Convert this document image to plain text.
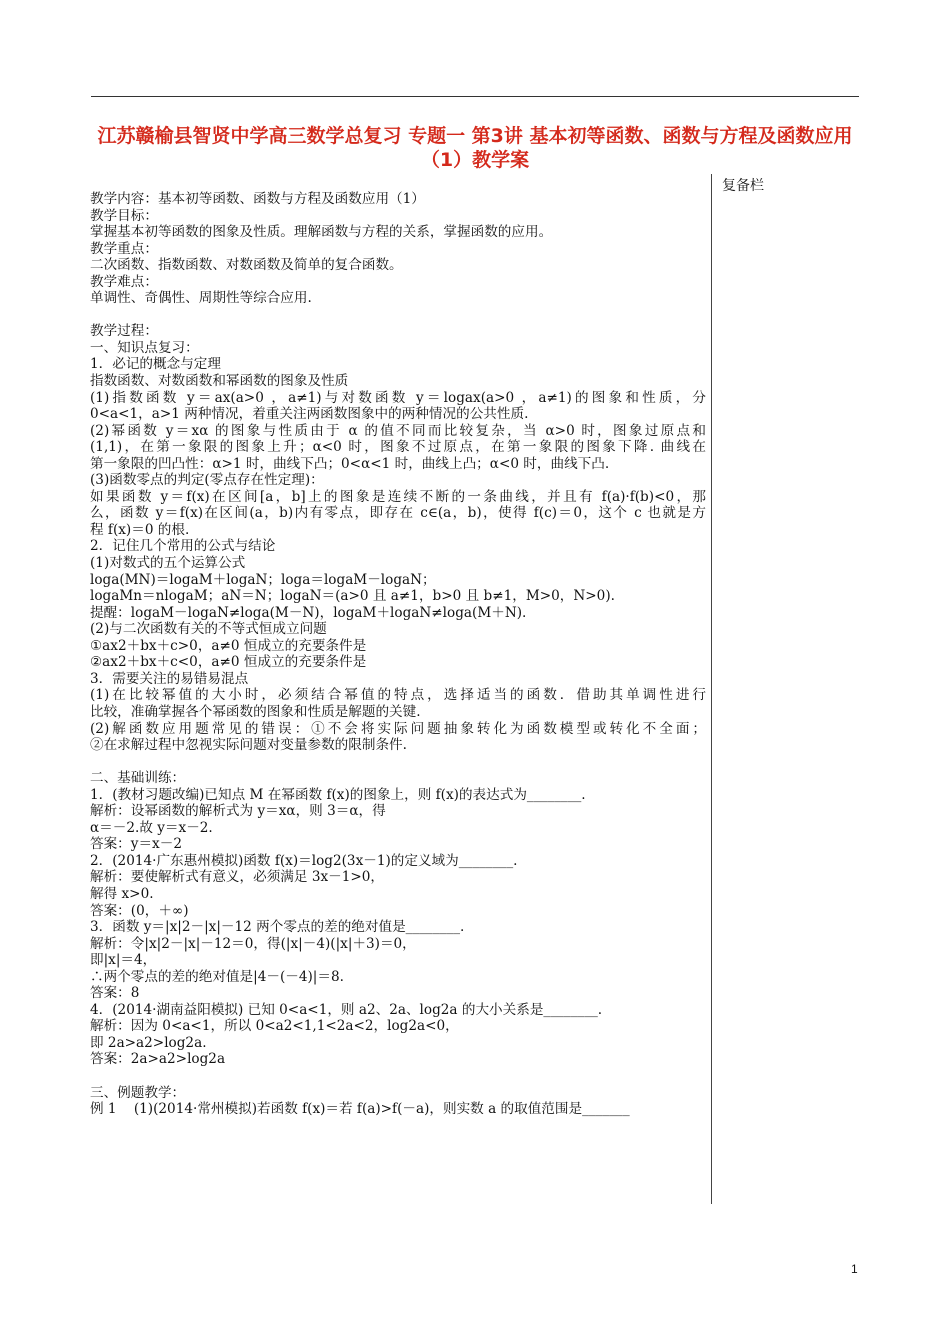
江苏赣榆县智贤中学高三数学总复习 专题一 第3讲 基本初等函数、函数与方程及函数应用（1）教学案
复备栏
教学内容：基本初等函数、函数与方程及函数应用（1）
教学目标：
掌握基本初等函数的图象及性质。理解函数与方程的关系，掌握函数的应用。
教学重点：
二次函数、指数函数、对数函数及简单的复合函数。
教学难点：
单调性、奇偶性、周期性等综合应用.
教学过程：
一、知识点复习：
1．必记的概念与定理
指数函数、对数函数和幂函数的图象及性质
(1)指数函数 y＝ax(a>0 ，a≠1)与对数函数 y＝logax(a>0 ，a≠1)的图象和性质，分
0<a<1，a>1 两种情况，着重关注两函数图象中的两种情况的公共性质.
(2)幂函数 y＝xα 的图象与性质由于 α 的值不同而比较复杂，当 α>0 时，图象过原点和
(1,1)，在第一象限的图象上升；α<0 时，图象不过原点，在第一象限的图象下降. 曲线在
第一象限的凹凸性：α>1 时，曲线下凸；0<α<1 时，曲线上凸；α<0 时，曲线下凸.
(3)函数零点的判定(零点存在性定理)：
如果函数 y＝f(x)在区间[a，b]上的图象是连续不断的一条曲线，并且有 f(a)·f(b)<0，那
么，函数 y＝f(x)在区间(a，b)内有零点，即存在 c∈(a，b)，使得 f(c)＝0，这个 c 也就是方
程 f(x)＝0 的根.
2．记住几个常用的公式与结论
(1)对数式的五个运算公式
loga(MN)＝logaM＋logaN；loga＝logaM－logaN；
logaMn＝nlogaM；aN＝N；logaN＝(a>0 且 a≠1，b>0 且 b≠1，M>0，N>0).
提醒：logaM－logaN≠loga(M－N)，logaM＋logaN≠loga(M＋N).
(2)与二次函数有关的不等式恒成立问题
①ax2＋bx＋c>0，a≠0 恒成立的充要条件是
②ax2＋bx＋c<0，a≠0 恒成立的充要条件是
3．需要关注的易错易混点
(1)在比较幂值的大小时，必须结合幂值的特点，选择适当的函数．借助其单调性进行
比较，准确掌握各个幂函数的图象和性质是解题的关键.
(2)解函数应用题常见的错误：①不会将实际问题抽象转化为函数模型或转化不全面；
②在求解过程中忽视实际问题对变量参数的限制条件.
二、基础训练：
1．(教材习题改编)已知点 M 在幂函数 f(x)的图象上，则 f(x)的表达式为________.
解析：设幂函数的解析式为 y＝xα，则 3＝α，得
α＝－2.故 y＝x－2.
答案：y＝x－2
2．(2014·广东惠州模拟)函数 f(x)＝log2(3x－1)的定义域为________.
解析：要使解析式有意义，必须满足 3x－1>0，
解得 x>0.
答案：(0，＋∞)
3．函数 y＝|x|2－|x|－12 两个零点的差的绝对值是________.
解析：令|x|2－|x|－12＝0，得(|x|－4)(|x|＋3)＝0，
即|x|＝4，
∴两个零点的差的绝对值是|4－(－4)|＝8.
答案：8
4．(2014·湖南益阳模拟) 已知 0<a<1，则 a2、2a、log2a 的大小关系是________.
解析：因为 0<a<1，所以 0<a2<1,1<2a<2，log2a<0，
即 2a>a2>log2a.
答案：2a>a2>log2a
三、例题教学：
例 1    (1)(2014·常州模拟)若函数 f(x)＝若 f(a)>f(－a)，则实数 a 的取值范围是_______
1
